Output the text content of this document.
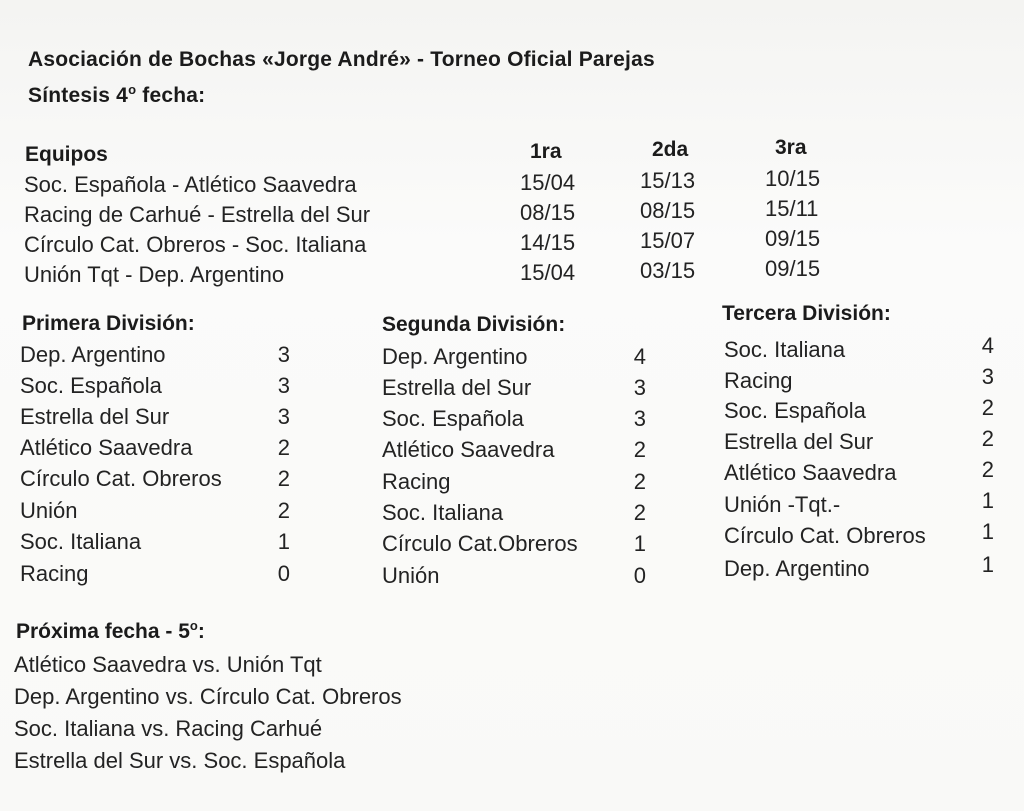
Asociación de Bochas «Jorge André» - Torneo Oficial Parejas
Síntesis 4$^o$ fecha:
Equipos	1ra	2da	3ra
Soc. Española - Atlético Saavedra	15/04	15/13	10/15
Racing de Carhué - Estrella del Sur	08/15	08/15	15/11
Círculo Cat. Obreros - Soc. Italiana	14/15	15/07	09/15
Unión Tqt - Dep. Argentino	15/04	03/15	09/15
Primera División:
Dep. Argentino	3
Soc. Española	3
Estrella del Sur	3
Atlético Saavedra	2
Círculo Cat. Obreros	2
Unión	2
Soc. Italiana	1
Racing	0
Segunda División:
Dep. Argentino	4
Estrella del Sur	3
Soc. Española	3
Atlético Saavedra	2
Racing	2
Soc. Italiana	2
Círculo Cat.Obreros	1
Unión	0
Tercera División:
Soc. Italiana	4
Racing	3
Soc. Española	2
Estrella del Sur	2
Atlético Saavedra	2
Unión -Tqt.-	1
Círculo Cat. Obreros	1
Dep. Argentino	1
Próxima fecha - 5$^o$:
Atlético Saavedra vs. Unión Tqt
Dep. Argentino vs. Círculo Cat. Obreros
Soc. Italiana vs. Racing Carhué
Estrella del Sur vs. Soc. Española
